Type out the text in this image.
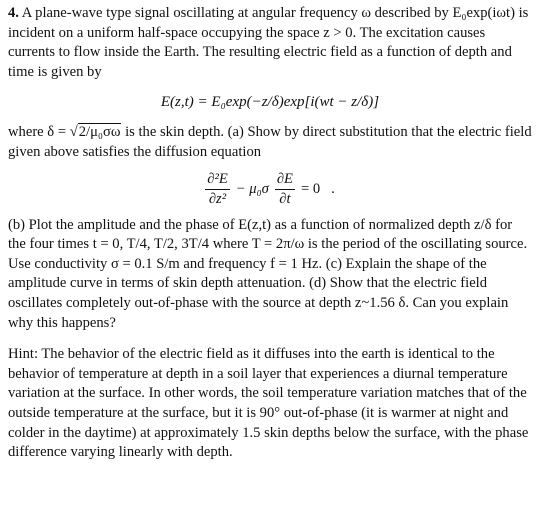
4. A plane-wave type signal oscillating at angular frequency ω described by E₀exp(iωt) is incident on a uniform half-space occupying the space z > 0. The excitation causes currents to flow inside the Earth. The resulting electric field as a function of depth and time is given by

E(z,t) = E₀exp(−z/δ)exp[i(wt − z/δ)]

where δ = √2/μ₀σω is the skin depth. (a) Show by direct substitution that the electric field given above satisfies the diffusion equation

$\frac{\text{∂²E}}{\text{∂z²}} - \mu_0\sigma \frac{\partial E}{\partial t} = 0$   .

(b) Plot the amplitude and the phase of E(z,t) as a function of normalized depth z/δ for the four times t = 0, T/4, T/2, 3T/4 where T = 2π/ω is the period of the oscillating source. Use conductivity σ = 0.1 S/m and frequency f = 1 Hz. (c) Explain the shape of the amplitude curve in terms of skin depth attenuation. (d) Show that the electric field oscillates completely out-of-phase with the source at depth z~1.56 δ. Can you explain why this happens?

Hint: The behavior of the electric field as it diffuses into the earth is identical to the behavior of temperature at depth in a soil layer that experiences a diurnal temperature variation at the surface. In other words, the soil temperature variation matches that of the outside temperature at the surface, but it is 90° out-of-phase (it is warmer at night and colder in the daytime) at approximately 1.5 skin depths below the surface, with the phase difference varying linearly with depth.
